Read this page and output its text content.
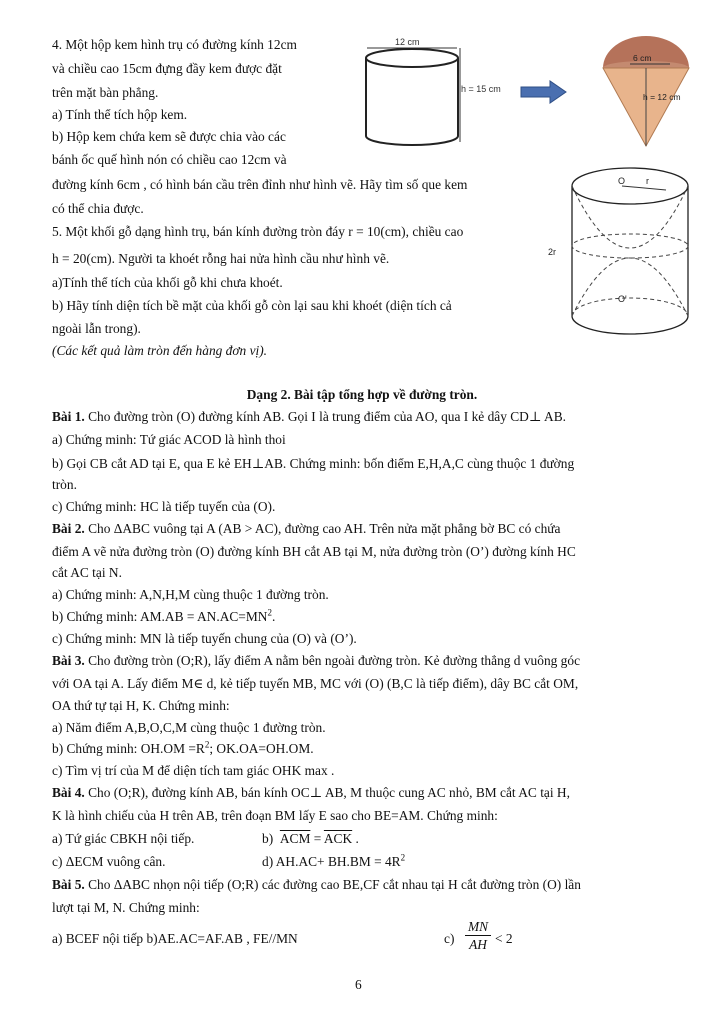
4. Một hộp kem hình trụ có đường kính 12cm
và chiều cao 15cm đựng đầy kem được đặt
trên mặt bàn phẳng.
a) Tính thể tích hộp kem.
b) Hộp kem chứa kem sẽ được chia vào các
bánh ốc quế hình nón có chiều cao 12cm và
đường kính 6cm , có hình bán cầu trên đỉnh như hình vẽ. Hãy tìm số que kem
có thể chia được.
5. Một khối gỗ dạng hình trụ, bán kính đường tròn đáy r = 10(cm), chiều cao
h = 20(cm). Người ta khoét rỗng hai nửa hình cầu như hình vẽ.
a)Tính thể tích của khối gỗ khi chưa khoét.
b) Hãy tính diện tích bề mặt của khối gỗ còn lại sau khi khoét (diện tích cả
ngoài lẫn trong).
(Các kết quả làm tròn đến hàng đơn vị).
12 cm
h = 15 cm
6 cm
h = 12 cm
2r
r
O
O'
Dạng 2. Bài tập tổng hợp về đường tròn.
Bài 1. Cho đường tròn (O) đường kính AB. Gọi I là trung điểm của AO, qua I kẻ dây CD⊥ AB.
a) Chứng minh: Tứ giác ACOD là hình thoi
b) Gọi CB cắt AD tại E, qua E kẻ EH⊥AB. Chứng minh: bốn điểm E,H,A,C cùng thuộc 1 đường
tròn.
c) Chứng minh: HC là tiếp tuyến của (O).
Bài 2. Cho ΔABC vuông tại A (AB > AC), đường cao AH. Trên nửa mặt phẳng bờ BC có chứa
điểm A vẽ nửa đường tròn (O) đường kính BH cắt AB tại M, nửa đường tròn (O’) đường kính HC
cắt AC tại N.
a) Chứng minh: A,N,H,M cùng thuộc 1 đường tròn.
b) Chứng minh: $AM.AB = AN.AC=MN^2$.
c) Chứng minh: MN là tiếp tuyến chung của (O) và (O’).
Bài 3. Cho đường tròn (O;R), lấy điểm A nằm bên ngoài đường tròn. Kẻ đường thẳng d vuông góc
với OA tại A. Lấy điểm M∈ d, kẻ tiếp tuyến MB, MC với (O) (B,C là tiếp điểm), dây BC cắt OM,
OA thứ tự tại H, K. Chứng minh:
a) Năm điểm A,B,O,C,M cùng thuộc 1 đường tròn.
b) Chứng minh: $OH.OM =R^2$; OK.OA=OH.OM.
c) Tìm vị trí của M để diện tích tam giác OHK max .
Bài 4. Cho (O;R), đường kính AB, bán kính OC⊥ AB, M thuộc cung AC nhỏ, BM cắt AC tại H,
K là hình chiếu của H trên AB, trên đoạn BM lấy E sao cho BE=AM. Chứng minh:
a) Tứ giác CBKH nội tiếp.	b) $\overline{ACM} = \overline{ACK}$ .
c) ΔECM vuông cân.	d) $AH.AC+ BH.BM = 4R^2$
Bài 5. Cho ΔABC nhọn nội tiếp (O;R) các đường cao BE,CF cắt nhau tại H cắt đường tròn (O) lần
lượt tại M, N. Chứng minh:
a) BCEF nội tiếp b)AE.AC=AF.AB , FE//MN	$c) \frac{MN}{AH} < 2$
6
